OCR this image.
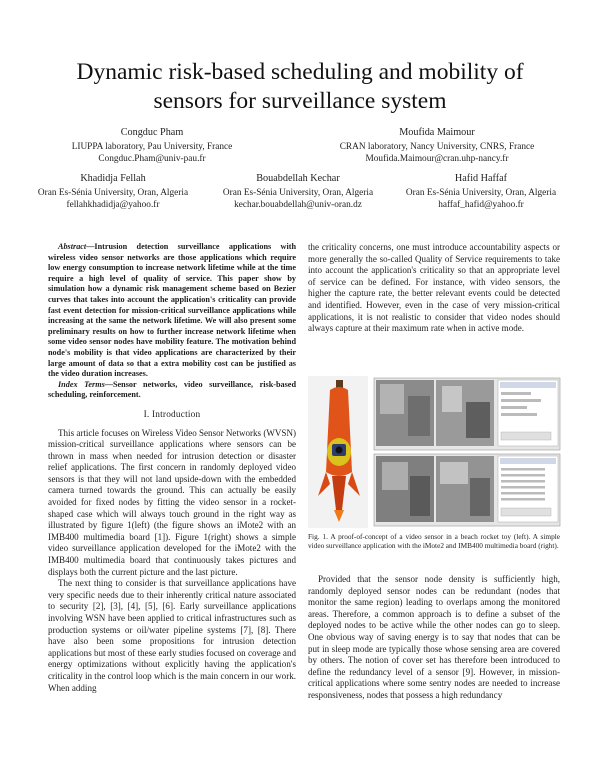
Dynamic risk-based scheduling and mobility of
sensors for surveillance system
Congduc Pham
LIUPPA laboratory, Pau University, France
Congduc.Pham@univ-pau.fr
Moufida Maimour
CRAN laboratory, Nancy University, CNRS, France
Moufida.Maimour@cran.uhp-nancy.fr
Khadidja Fellah
Oran Es-Sénia University, Oran, Algeria
fellahkhadidja@yahoo.fr
Bouabdellah Kechar
Oran Es-Sénia University, Oran, Algeria
kechar.bouabdellah@univ-oran.dz
Hafid Haffaf
Oran Es-Sénia University, Oran, Algeria
haffaf_hafid@yahoo.fr

Abstract—Intrusion detection surveillance applications with wireless video sensor networks are those applications which require low energy consumption to increase network lifetime while at the time require a high level of quality of service. This paper show by simulation how a dynamic risk management scheme based on Bezier curves that takes into account the application's criticality can provide fast event detection for mission-critical surveillance applications while increasing at the same the network lifetime. We will also present some preliminary results on how to further increase network lifetime when some video sensor nodes have mobility feature. The motivation behind node's mobility is that video applications are characterized by their large amount of data so that a extra mobility cost can be justified as the video duration increases.

Index Terms—Sensor networks, video surveillance, risk-based scheduling, reinforcement.

I. Introduction

This article focuses on Wireless Video Sensor Networks (WVSN) mission-critical surveillance applications where sensors can be thrown in mass when needed for intrusion detection or disaster relief applications. The first concern in randomly deployed video sensors is that they will not land upside-down with the embedded camera turned towards the ground. This can actually be easily avoided for fixed nodes by fitting the video sensor in a rocket-shaped case which will always touch ground in the right way as illustrated by figure 1(left) (the figure shows an iMote2 with an IMB400 multimedia board [1]). Figure 1(right) shows a simple video surveillance application developed for the iMote2 with the IMB400 multimedia board that continuously takes pictures and displays both the current picture and the last picture.

The next thing to consider is that surveillance applications have very specific needs due to their inherently critical nature associated to security [2], [3], [4], [5], [6]. Early surveillance applications involving WSN have been applied to critical infrastructures such as production systems or oil/water pipeline systems [7], [8]. There have also been some propositions for intrusion detection applications but most of these early studies focused on coverage and energy optimizations without explicitly having the application's criticality in the control loop which is the main concern in our work. When adding

the criticality concerns, one must introduce accountability aspects or more generally the so-called Quality of Service requirements to take into account the application's criticality so that an appropriate level of service can be defined. For instance, with video sensors, the higher the capture rate, the better relevant events could be detected and identified. However, even in the case of very mission-critical applications, it is not realistic to consider that video nodes should always capture at their maximum rate when in active mode.

Fig. 1. A proof-of-concept of a video sensor in a beach rocket toy (left). A simple video surveillance application with the iMote2 and IMB400 multimedia board (right).

Provided that the sensor node density is sufficiently high, randomly deployed sensor nodes can be redundant (nodes that monitor the same region) leading to overlaps among the monitored areas. Therefore, a common approach is to define a subset of the deployed nodes to be active while the other nodes can go to sleep. One obvious way of saving energy is to say that nodes that can be put in sleep mode are typically those whose sensing area are covered by others. The notion of cover set has therefore been introduced to define the redundancy level of a sensor [9]. However, in mission-critical applications where some sentry nodes are needed to increase responsiveness, nodes that possess a high redundancy
